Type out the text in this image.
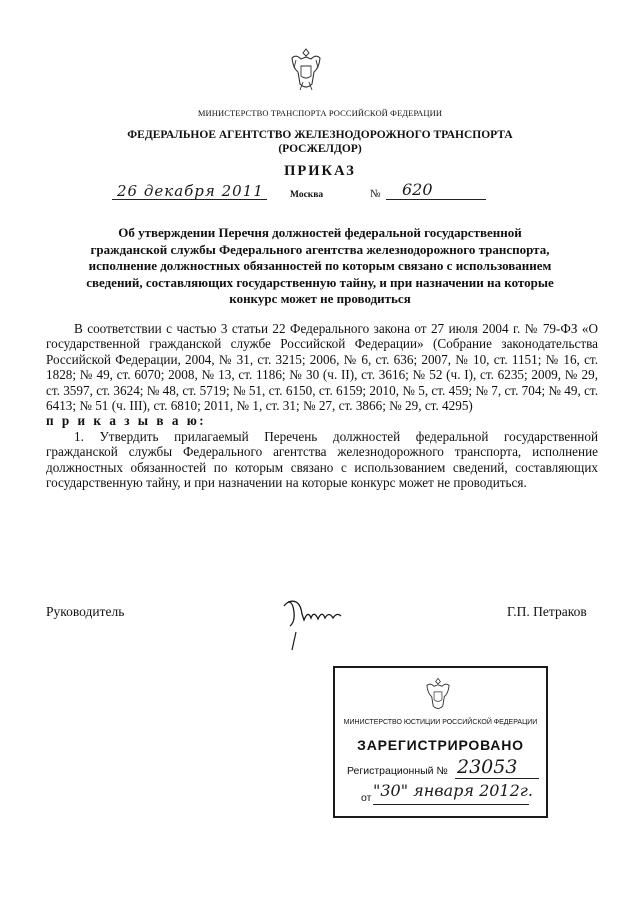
МИНИСТЕРСТВО ТРАНСПОРТА РОССИЙСКОЙ ФЕДЕРАЦИИ
ФЕДЕРАЛЬНОЕ АГЕНТСТВО ЖЕЛЕЗНОДОРОЖНОГО ТРАНСПОРТА
(РОСЖЕЛДОР)
ПРИКАЗ
26 декабря 2011	Москва	№ 620
Об утверждении Перечня должностей федеральной государственной
гражданской службы Федерального агентства железнодорожного транспорта,
исполнение должностных обязанностей по которым связано с использованием
сведений, составляющих государственную тайну, и при назначении на которые
конкурс может не проводиться

В соответствии с частью 3 статьи 22 Федерального закона от 27 июля 2004 г. № 79-ФЗ «О государственной гражданской службе Российской Федерации» (Собрание законодательства Российской Федерации, 2004, № 31, ст. 3215; 2006, № 6, ст. 636; 2007, № 10, ст. 1151; № 16, ст. 1828; № 49, ст. 6070; 2008, № 13, ст. 1186; № 30 (ч. II), ст. 3616; № 52 (ч. I), ст. 6235; 2009, № 29, ст. 3597, ст. 3624; № 48, ст. 5719; № 51, ст. 6150, ст. 6159; 2010, № 5, ст. 459; № 7, ст. 704; № 49, ст. 6413; № 51 (ч. III), ст. 6810; 2011, № 1, ст. 31; № 27, ст. 3866; № 29, ст. 4295)

п р и к а з ы в а ю:

1. Утвердить прилагаемый Перечень должностей федеральной государственной гражданской службы Федерального агентства железнодорожного транспорта, исполнение должностных обязанностей по которым связано с использованием сведений, составляющих государственную тайну, и при назначении на которые конкурс может не проводиться.

Руководитель	Г.П. Петраков
МИНИСТЕРСТВО ЮСТИЦИИ РОССИЙСКОЙ ФЕДЕРАЦИИ
ЗАРЕГИСТРИРОВАНО
Регистрационный № 23053
от "30" января 2012г.
